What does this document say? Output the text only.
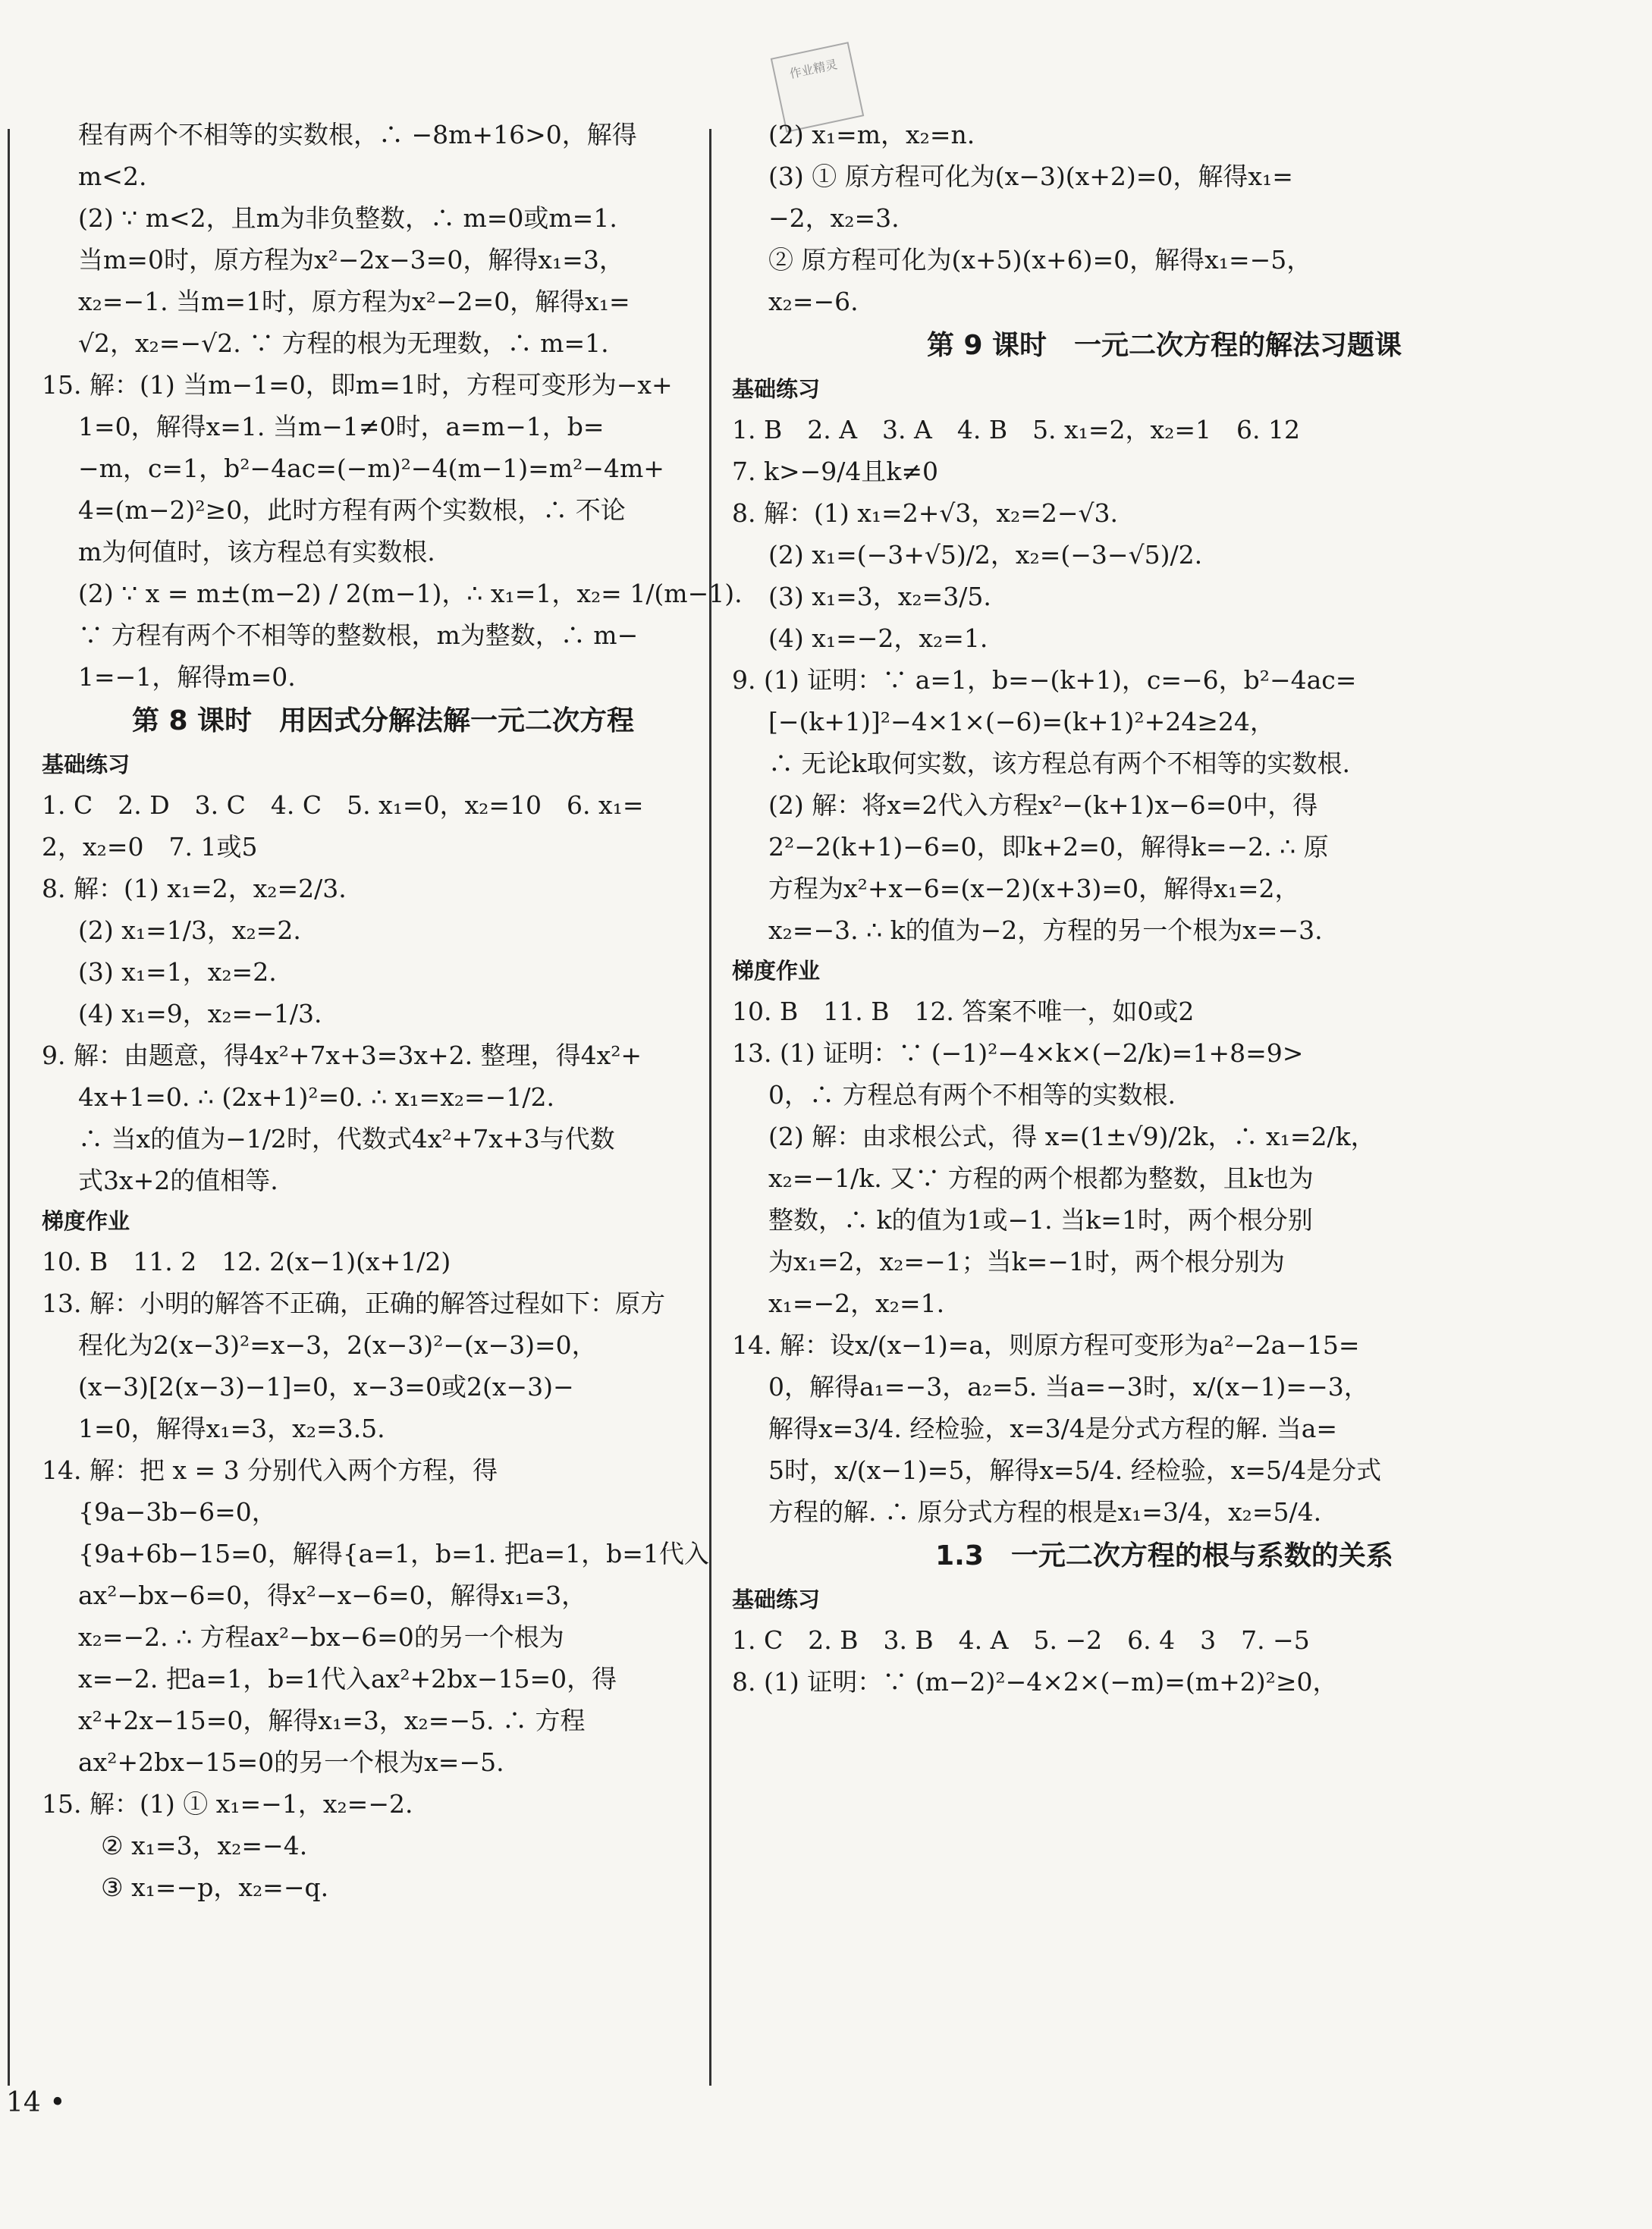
作业精灵
程有两个不相等的实数根，∴ −8m+16>0，解得
m<2.
(2) ∵ m<2，且m为非负整数，∴ m=0或m=1.
当m=0时，原方程为x²−2x−3=0，解得x₁=3，
x₂=−1. 当m=1时，原方程为x²−2=0，解得x₁=
√2，x₂=−√2. ∵ 方程的根为无理数，∴ m=1.
15. 解：(1) 当m−1=0，即m=1时，方程可变形为−x+
1=0，解得x=1. 当m−1≠0时，a=m−1，b=
−m，c=1，b²−4ac=(−m)²−4(m−1)=m²−4m+
4=(m−2)²≥0，此时方程有两个实数根，∴ 不论
m为何值时，该方程总有实数根.
(2) ∵ x = m±(m−2) / 2(m−1)，∴ x₁=1，x₂= 1/(m−1).
∵ 方程有两个不相等的整数根，m为整数，∴ m−
1=−1，解得m=0.
第 8 课时　用因式分解法解一元二次方程
基础练习
1. C　2. D　3. C　4. C　5. x₁=0，x₂=10　6. x₁=
2，x₂=0　7. 1或5
8. 解：(1) x₁=2，x₂=2/3.
(2) x₁=1/3，x₂=2.
(3) x₁=1，x₂=2.
(4) x₁=9，x₂=−1/3.
9. 解：由题意，得4x²+7x+3=3x+2. 整理，得4x²+
4x+1=0. ∴ (2x+1)²=0. ∴ x₁=x₂=−1/2.
∴ 当x的值为−1/2时，代数式4x²+7x+3与代数
式3x+2的值相等.
梯度作业
10. B　11. 2　12. 2(x−1)(x+1/2)
13. 解：小明的解答不正确，正确的解答过程如下：原方
程化为2(x−3)²=x−3，2(x−3)²−(x−3)=0，
(x−3)[2(x−3)−1]=0，x−3=0或2(x−3)−
1=0，解得x₁=3，x₂=3.5.
14. 解：把 x = 3 分别代入两个方程，得
{9a−3b−6=0，
{9a+6b−15=0，解得{a=1，b=1. 把a=1，b=1代入
ax²−bx−6=0，得x²−x−6=0，解得x₁=3，
x₂=−2. ∴ 方程ax²−bx−6=0的另一个根为
x=−2. 把a=1，b=1代入ax²+2bx−15=0，得
x²+2x−15=0，解得x₁=3，x₂=−5. ∴ 方程
ax²+2bx−15=0的另一个根为x=−5.
15. 解：(1) ① x₁=−1，x₂=−2.
② x₁=3，x₂=−4.
③ x₁=−p，x₂=−q.
(2) x₁=m，x₂=n.
(3) ① 原方程可化为(x−3)(x+2)=0，解得x₁=
−2，x₂=3.
② 原方程可化为(x+5)(x+6)=0，解得x₁=−5，
x₂=−6.
第 9 课时　一元二次方程的解法习题课
基础练习
1. B　2. A　3. A　4. B　5. x₁=2，x₂=1　6. 12
7. k>−9/4且k≠0
8. 解：(1) x₁=2+√3，x₂=2−√3.
(2) x₁=(−3+√5)/2，x₂=(−3−√5)/2.
(3) x₁=3，x₂=3/5.
(4) x₁=−2，x₂=1.
9. (1) 证明：∵ a=1，b=−(k+1)，c=−6，b²−4ac=
[−(k+1)]²−4×1×(−6)=(k+1)²+24≥24，
∴ 无论k取何实数，该方程总有两个不相等的实数根.
(2) 解：将x=2代入方程x²−(k+1)x−6=0中，得
2²−2(k+1)−6=0，即k+2=0，解得k=−2. ∴ 原
方程为x²+x−6=(x−2)(x+3)=0，解得x₁=2，
x₂=−3. ∴ k的值为−2，方程的另一个根为x=−3.
梯度作业
10. B　11. B　12. 答案不唯一，如0或2
13. (1) 证明：∵ (−1)²−4×k×(−2/k)=1+8=9>
0，∴ 方程总有两个不相等的实数根.
(2) 解：由求根公式，得 x=(1±√9)/2k，∴ x₁=2/k，
x₂=−1/k. 又∵ 方程的两个根都为整数，且k也为
整数，∴ k的值为1或−1. 当k=1时，两个根分别
为x₁=2，x₂=−1；当k=−1时，两个根分别为
x₁=−2，x₂=1.
14. 解：设x/(x−1)=a，则原方程可变形为a²−2a−15=
0，解得a₁=−3，a₂=5. 当a=−3时，x/(x−1)=−3，
解得x=3/4. 经检验，x=3/4是分式方程的解. 当a=
5时，x/(x−1)=5，解得x=5/4. 经检验，x=5/4是分式
方程的解. ∴ 原分式方程的根是x₁=3/4，x₂=5/4.
1.3　一元二次方程的根与系数的关系
基础练习
1. C　2. B　3. B　4. A　5. −2　6. 4　3　7. −5
8. (1) 证明：∵ (m−2)²−4×2×(−m)=(m+2)²≥0，
14 •
